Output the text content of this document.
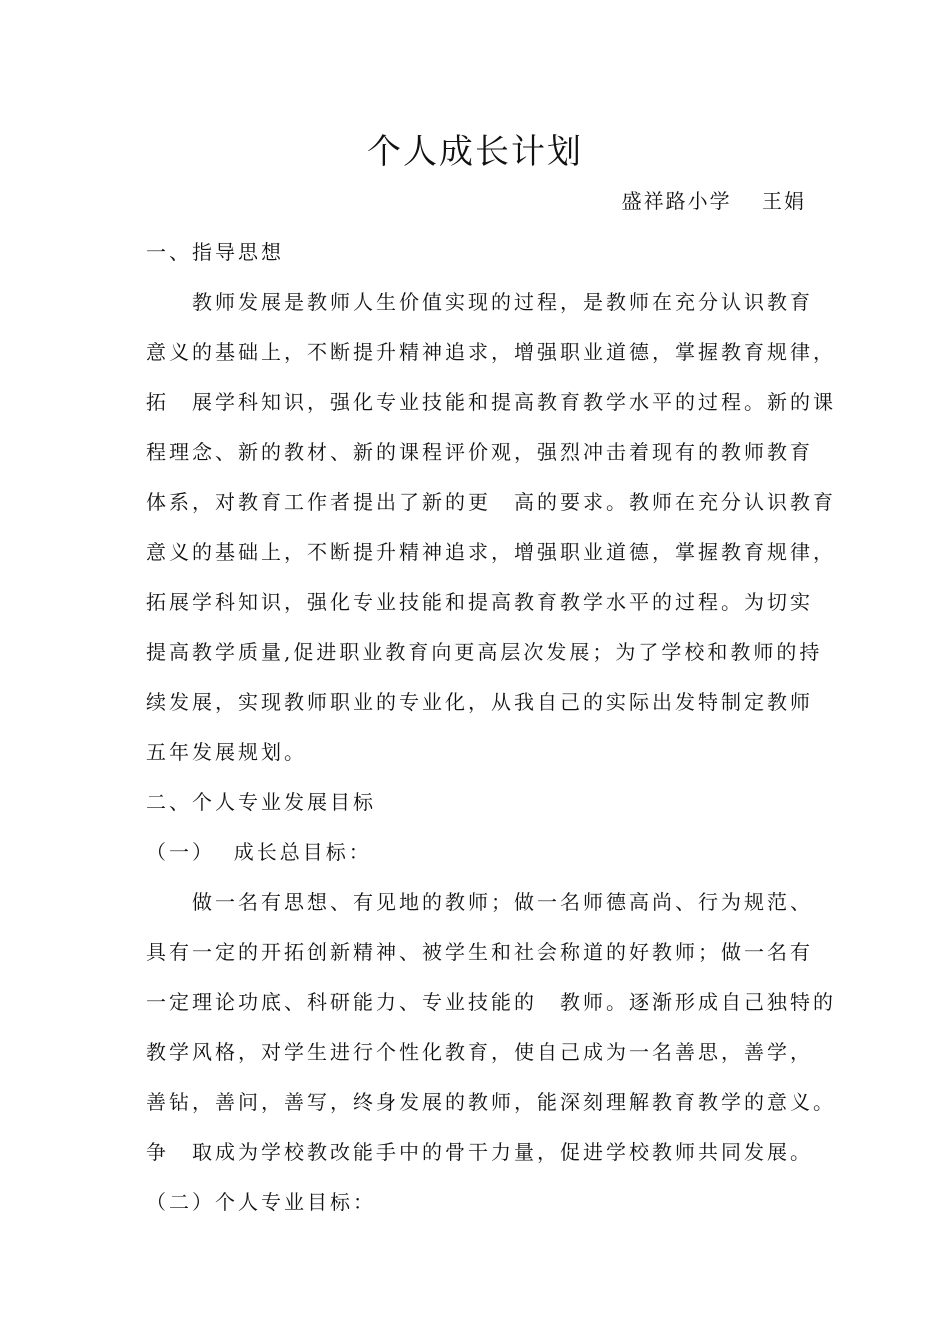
个人成长计划
盛祥路小学　 王娟
一、指导思想
教师发展是教师人生价值实现的过程，是教师在充分认识教育
意义的基础上，不断提升精神追求，增强职业道德，掌握教育规律，
拓　展学科知识，强化专业技能和提高教育教学水平的过程。新的课
程理念、新的教材、新的课程评价观，强烈冲击着现有的教师教育
体系，对教育工作者提出了新的更　高的要求。教师在充分认识教育
意义的基础上，不断提升精神追求，增强职业道德，掌握教育规律，
拓展学科知识，强化专业技能和提高教育教学水平的过程。为切实
提高教学质量,促进职业教育向更高层次发展；为了学校和教师的持
续发展，实现教师职业的专业化，从我自己的实际出发特制定教师
五年发展规划。
二、个人专业发展目标
（一）  成长总目标：
做一名有思想、有见地的教师；做一名师德高尚、行为规范、
具有一定的开拓创新精神、被学生和社会称道的好教师；做一名有
一定理论功底、科研能力、专业技能的　教师。逐渐形成自己独特的
教学风格，对学生进行个性化教育，使自己成为一名善思，善学，
善钻，善问，善写，终身发展的教师，能深刻理解教育教学的意义。
争　取成为学校教改能手中的骨干力量，促进学校教师共同发展。
（二）个人专业目标：
